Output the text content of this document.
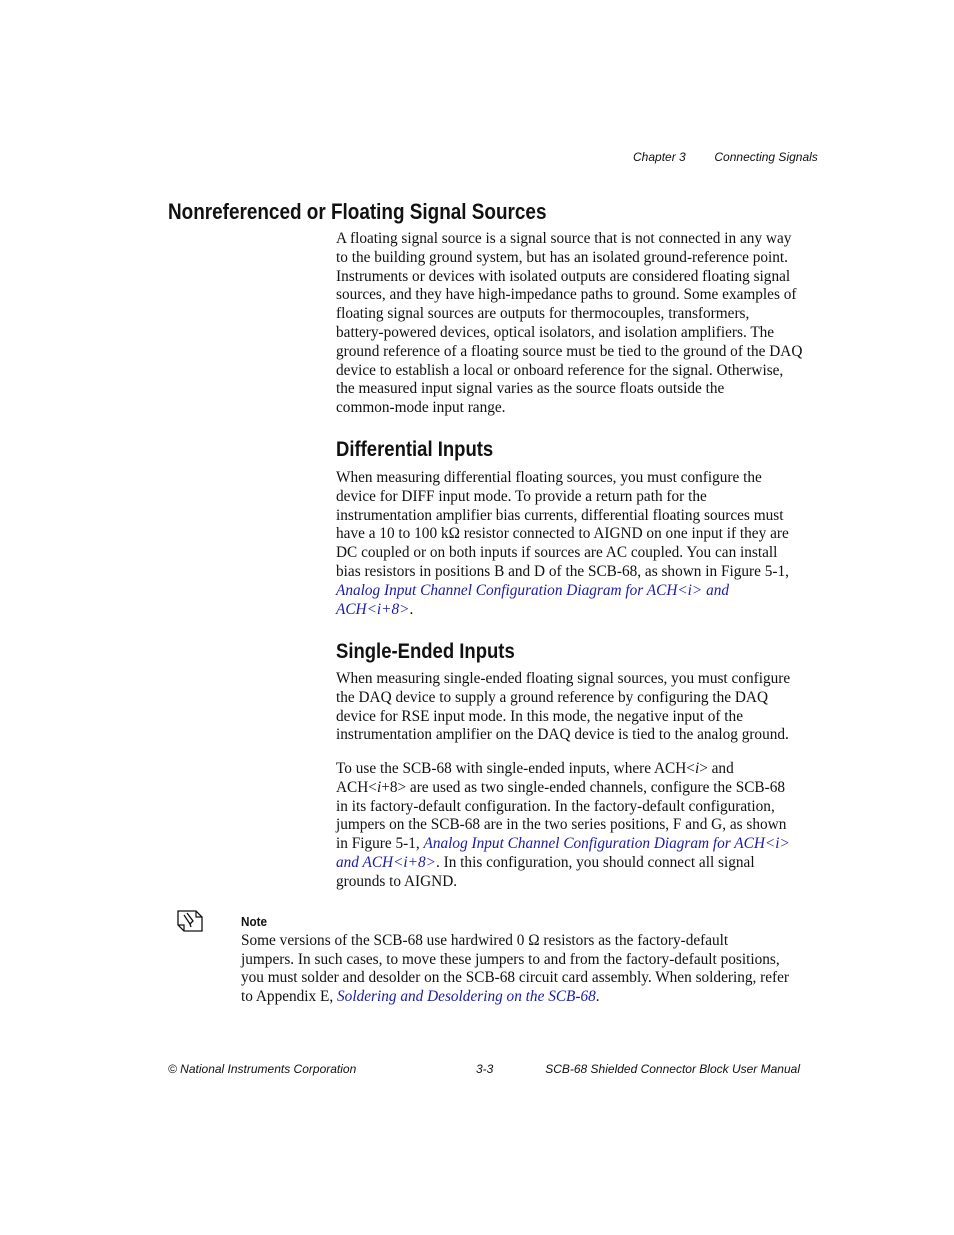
Chapter 3 Connecting Signals
Nonreferenced or Floating Signal Sources

A floating signal source is a signal source that is not connected in any way
to the building ground system, but has an isolated ground-reference point.
Instruments or devices with isolated outputs are considered floating signal
sources, and they have high-impedance paths to ground. Some examples of
floating signal sources are outputs for thermocouples, transformers,
battery-powered devices, optical isolators, and isolation amplifiers. The
ground reference of a floating source must be tied to the ground of the DAQ
device to establish a local or onboard reference for the signal. Otherwise,
the measured input signal varies as the source floats outside the
common-mode input range.

Differential Inputs

When measuring differential floating sources, you must configure the
device for DIFF input mode. To provide a return path for the
instrumentation amplifier bias currents, differential floating sources must
have a 10 to 100 kΩ resistor connected to AIGND on one input if they are
DC coupled or on both inputs if sources are AC coupled. You can install
bias resistors in positions B and D of the SCB-68, as shown in Figure 5-1,
Analog Input Channel Configuration Diagram for ACH<i> and
ACH<i+8>.

Single-Ended Inputs

When measuring single-ended floating signal sources, you must configure
the DAQ device to supply a ground reference by configuring the DAQ
device for RSE input mode. In this mode, the negative input of the
instrumentation amplifier on the DAQ device is tied to the analog ground.

To use the SCB-68 with single-ended inputs, where ACH<i> and
ACH<i+8> are used as two single-ended channels, configure the SCB-68
in its factory-default configuration. In the factory-default configuration,
jumpers on the SCB-68 are in the two series positions, F and G, as shown
in Figure 5-1, Analog Input Channel Configuration Diagram for ACH<i>
and ACH<i+8>. In this configuration, you should connect all signal
grounds to AIGND.

Note
Some versions of the SCB-68 use hardwired 0 Ω resistors as the factory-default
jumpers. In such cases, to move these jumpers to and from the factory-default positions,
you must solder and desolder on the SCB-68 circuit card assembly. When soldering, refer
to Appendix E, Soldering and Desoldering on the SCB-68.

© National Instruments Corporation	3-3	SCB-68 Shielded Connector Block User Manual
